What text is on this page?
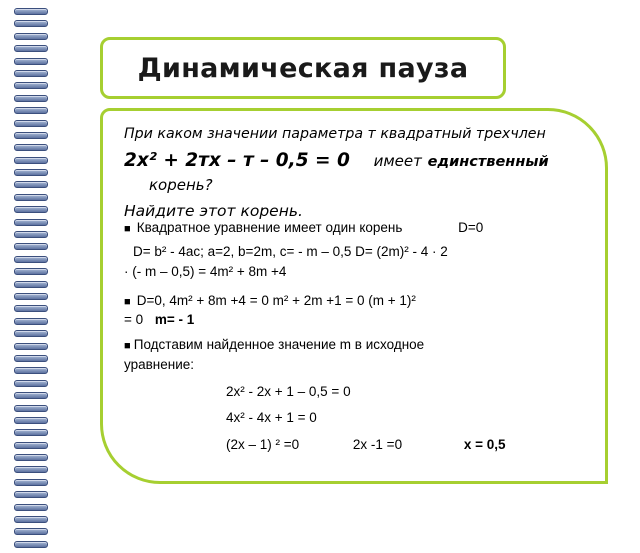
Динамическая пауза
При каком значении параметра т квадратный трехчлен
2х² + 2тх – т – 0,5 = 0 имеет единственный
корень?
Найдите этот корень.
■ Квадратное уравнение имеет один корень	D=0
D= b² - 4ac; a=2, b=2m, c= - m – 0,5 D= (2m)² - 4 · 2
· (- m – 0,5) = 4m² + 8m +4
■ D=0, 4m² + 8m +4 = 0 m² + 2m +1 = 0 (m + 1)²
= 0 m= - 1
■ Подставим найденное значение m в исходное
уравнение:
2x² - 2x + 1 – 0,5 = 0
4x² - 4x + 1 = 0
(2x – 1) ² =0	2x -1 =0	x = 0,5
